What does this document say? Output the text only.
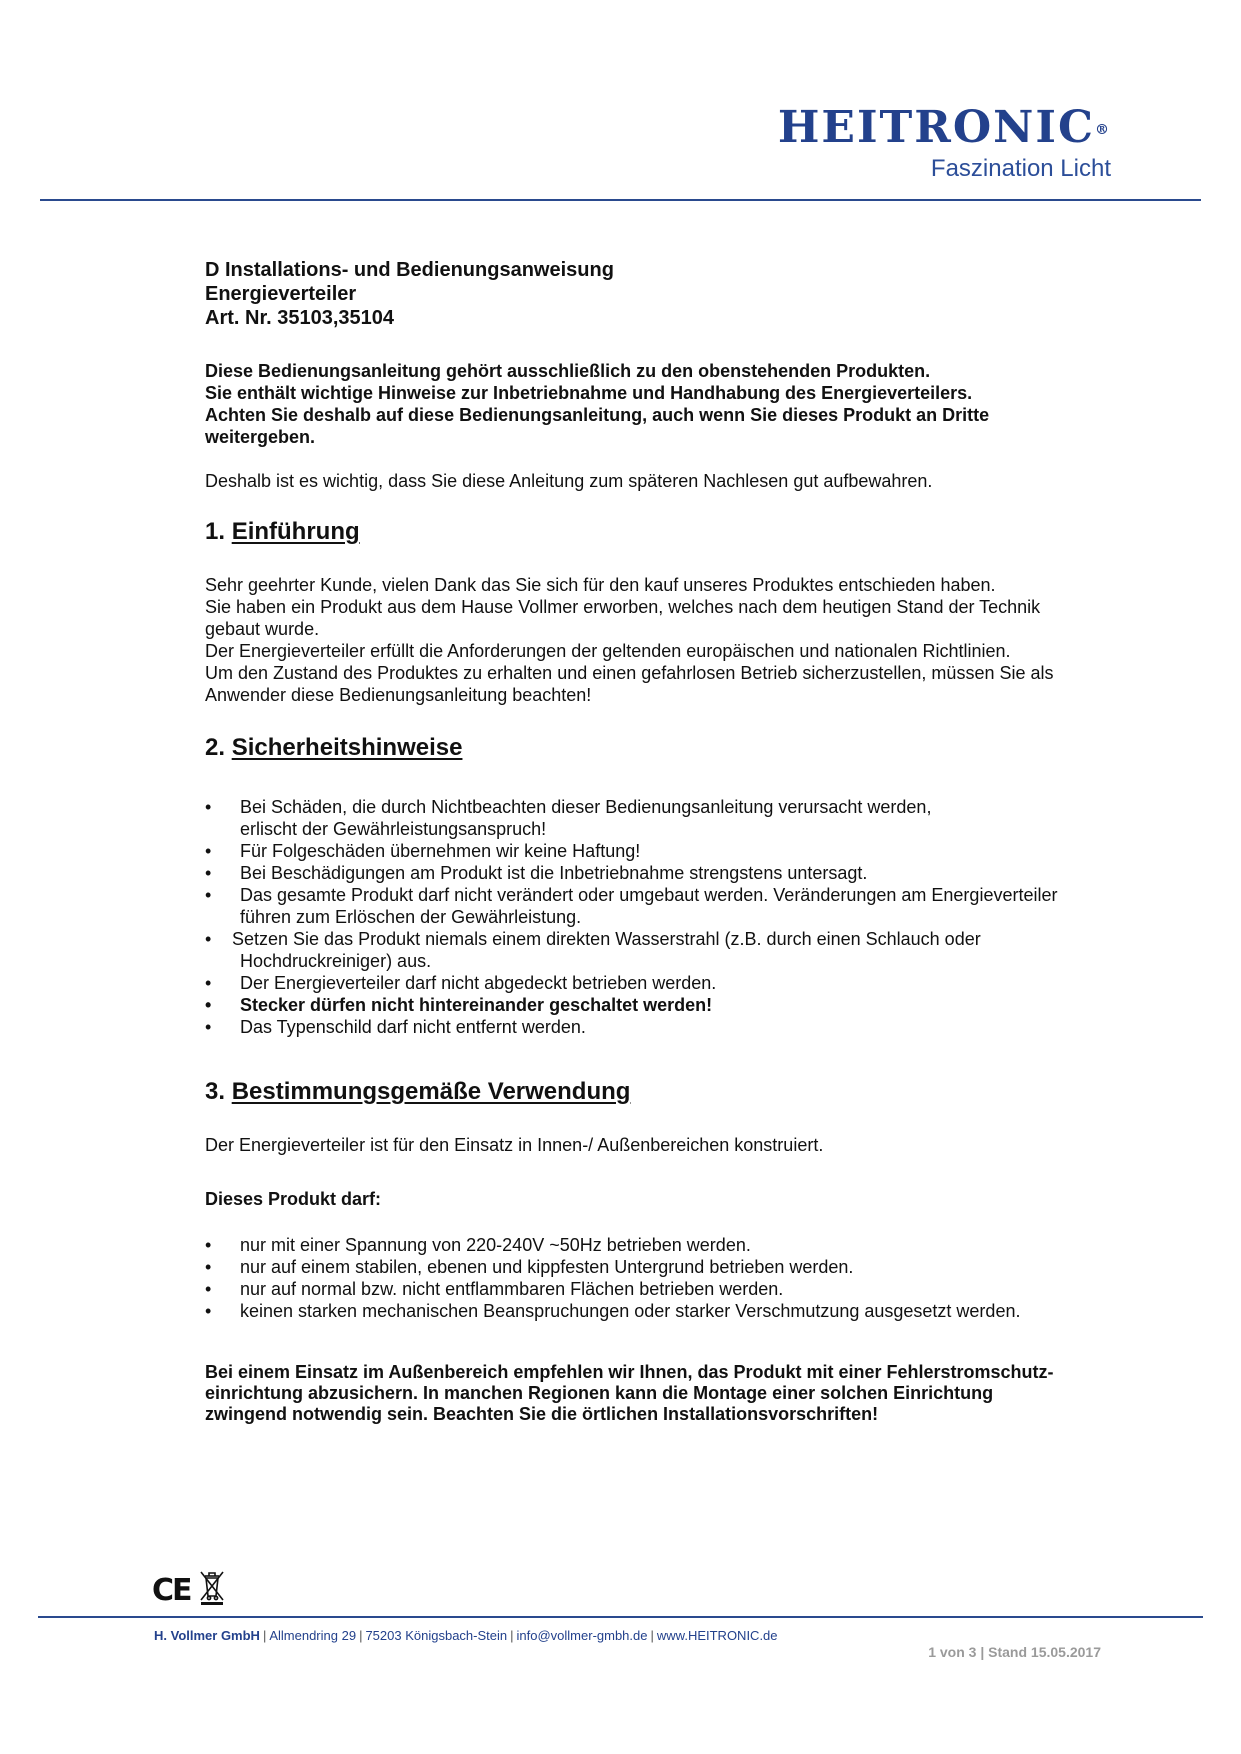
HEITRONIC®
Faszination Licht
D Installations- und Bedienungsanweisung
Energieverteiler
Art. Nr. 35103,35104
Diese Bedienungsanleitung gehört ausschließlich zu den obenstehenden Produkten.
Sie enthält wichtige Hinweise zur Inbetriebnahme und Handhabung des Energieverteilers.
Achten Sie deshalb auf diese Bedienungsanleitung, auch wenn Sie dieses Produkt an Dritte
weitergeben.
Deshalb ist es wichtig, dass Sie diese Anleitung zum späteren Nachlesen gut aufbewahren.
1. Einführung
Sehr geehrter Kunde, vielen Dank das Sie sich für den kauf unseres Produktes entschieden haben.
Sie haben ein Produkt aus dem Hause Vollmer erworben, welches nach dem heutigen Stand der Technik
gebaut wurde.
Der Energieverteiler erfüllt die Anforderungen der geltenden europäischen und nationalen Richtlinien.
Um den Zustand des Produktes zu erhalten und einen gefahrlosen Betrieb sicherzustellen, müssen Sie als
Anwender diese Bedienungsanleitung beachten!
2. Sicherheitshinweise
• Bei Schäden, die durch Nichtbeachten dieser Bedienungsanleitung verursacht werden,
erlischt der Gewährleistungsanspruch!
• Für Folgeschäden übernehmen wir keine Haftung!
• Bei Beschädigungen am Produkt ist die Inbetriebnahme strengstens untersagt.
• Das gesamte Produkt darf nicht verändert oder umgebaut werden. Veränderungen am Energieverteiler
führen zum Erlöschen der Gewährleistung.
• Setzen Sie das Produkt niemals einem direkten Wasserstrahl (z.B. durch einen Schlauch oder
Hochdruckreiniger) aus.
• Der Energieverteiler darf nicht abgedeckt betrieben werden.
• Stecker dürfen nicht hintereinander geschaltet werden!
• Das Typenschild darf nicht entfernt werden.
3. Bestimmungsgemäße Verwendung
Der Energieverteiler ist für den Einsatz in Innen-/ Außenbereichen konstruiert.
Dieses Produkt darf:
• nur mit einer Spannung von 220-240V ~50Hz betrieben werden.
• nur auf einem stabilen, ebenen und kippfesten Untergrund betrieben werden.
• nur auf normal bzw. nicht entflammbaren Flächen betrieben werden.
• keinen starken mechanischen Beanspruchungen oder starker Verschmutzung ausgesetzt werden.
Bei einem Einsatz im Außenbereich empfehlen wir Ihnen, das Produkt mit einer Fehlerstromschutz-
einrichtung abzusichern. In manchen Regionen kann die Montage einer solchen Einrichtung
zwingend notwendig sein. Beachten Sie die örtlichen Installationsvorschriften!
CE
H. Vollmer GmbH | Allmendring 29 | 75203 Königsbach-Stein | info@vollmer-gmbh.de | www.HEITRONIC.de
1 von 3 | Stand 15.05.2017
